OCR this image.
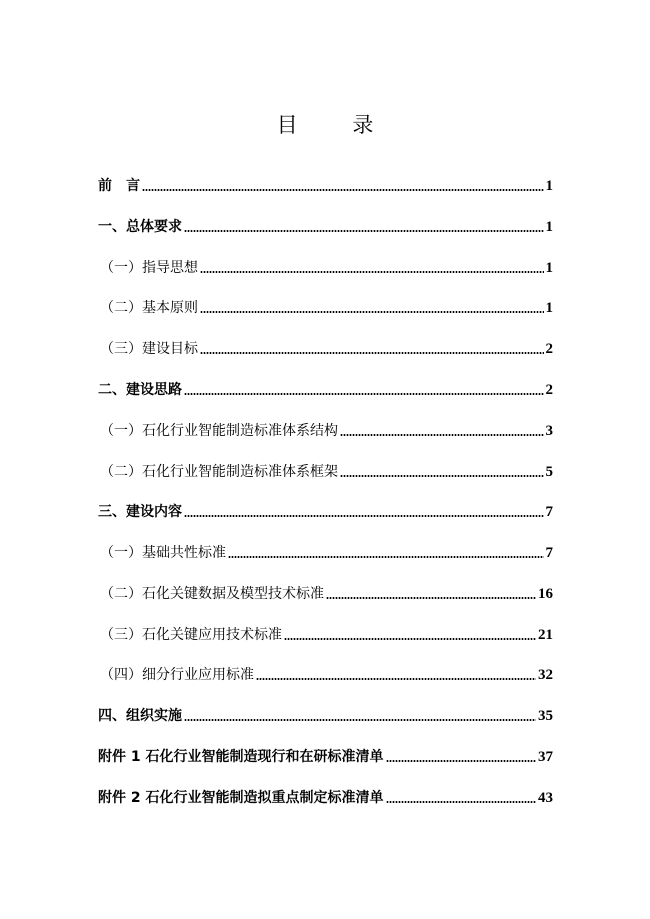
目 录
前　言	1
一、总体要求	1
（一）指导思想	1
（二）基本原则	1
（三）建设目标	2
二、建设思路	2
（一）石化行业智能制造标准体系结构	3
（二）石化行业智能制造标准体系框架	5
三、建设内容	7
（一）基础共性标准	7
（二）石化关键数据及模型技术标准	16
（三）石化关键应用技术标准	21
（四）细分行业应用标准	32
四、组织实施	35
附件 1 石化行业智能制造现行和在研标准清单	37
附件 2 石化行业智能制造拟重点制定标准清单	43
